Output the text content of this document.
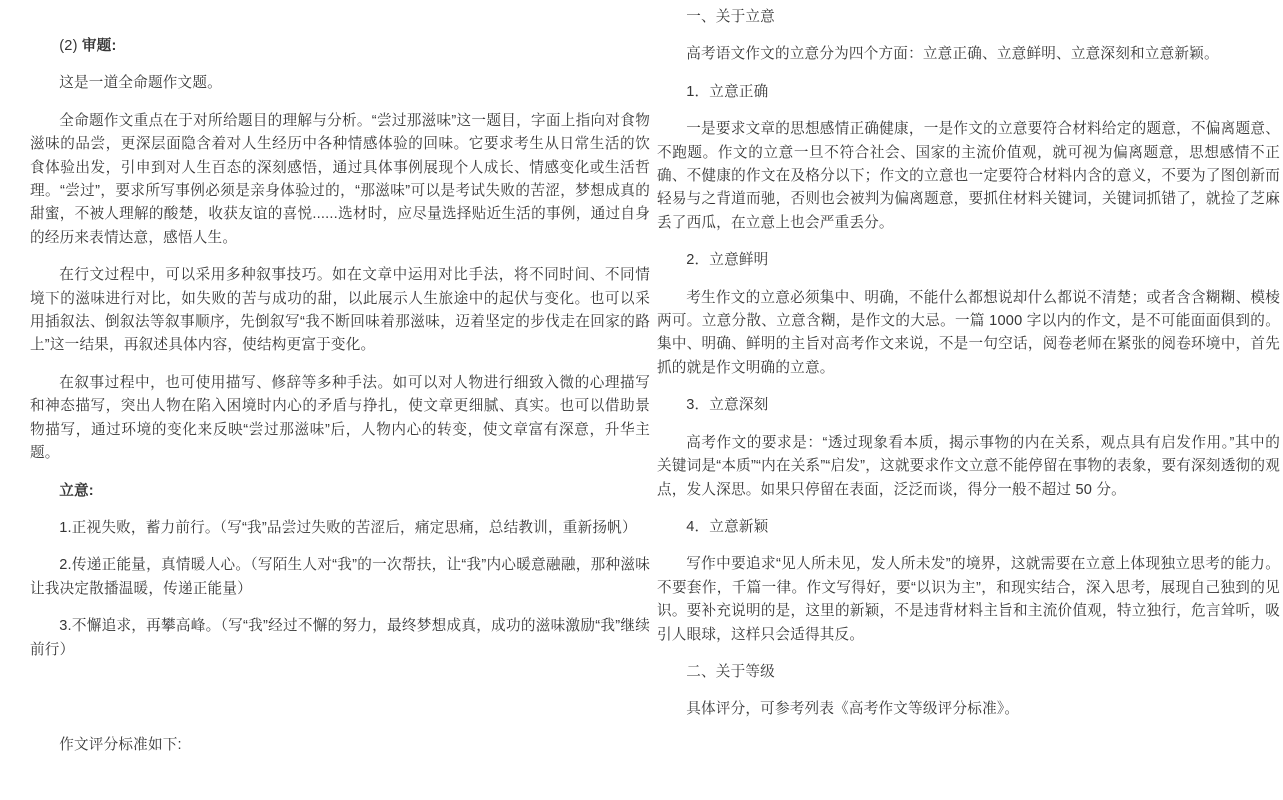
(2) 审题:

这是一道全命题作文题。

全命题作文重点在于对所给题目的理解与分析。“尝过那滋味”这一题目，字面上指向对食物滋味的品尝，更深层面隐含着对人生经历中各种情感体验的回味。它要求考生从日常生活的饮食体验出发，引申到对人生百态的深刻感悟，通过具体事例展现个人成长、情感变化或生活哲理。“尝过”，要求所写事例必须是亲身体验过的，“那滋味”可以是考试失败的苦涩，梦想成真的甜蜜，不被人理解的酸楚，收获友谊的喜悦......选材时，应尽量选择贴近生活的事例，通过自身的经历来表情达意，感悟人生。

在行文过程中，可以采用多种叙事技巧。如在文章中运用对比手法，将不同时间、不同情境下的滋味进行对比，如失败的苦与成功的甜，以此展示人生旅途中的起伏与变化。也可以采用插叙法、倒叙法等叙事顺序，先倒叙写“我不断回味着那滋味，迈着坚定的步伐走在回家的路上”这一结果，再叙述具体内容，使结构更富于变化。

在叙事过程中，也可使用描写、修辞等多种手法。如可以对人物进行细致入微的心理描写和神态描写，突出人物在陷入困境时内心的矛盾与挣扎，使文章更细腻、真实。也可以借助景物描写，通过环境的变化来反映“尝过那滋味”后，人物内心的转变，使文章富有深意，升华主题。

立意:

1.正视失败，蓄力前行。（写“我”品尝过失败的苦涩后，痛定思痛，总结教训，重新扬帆）

2.传递正能量，真情暖人心。（写陌生人对“我”的一次帮扶，让“我”内心暖意融融，那种滋味让我决定散播温暖，传递正能量）

3.不懈追求，再攀高峰。（写“我”经过不懈的努力，最终梦想成真，成功的滋味激励“我”继续前行）

作文评分标准如下:

一、关于立意

高考语文作文的立意分为四个方面：立意正确、立意鲜明、立意深刻和立意新颖。

1．立意正确

一是要求文章的思想感情正确健康，一是作文的立意要符合材料给定的题意，不偏离题意、不跑题。作文的立意一旦不符合社会、国家的主流价值观，就可视为偏离题意，思想感情不正确、不健康的作文在及格分以下；作文的立意也一定要符合材料内含的意义，不要为了图创新而轻易与之背道而驰，否则也会被判为偏离题意，要抓住材料关键词，关键词抓错了，就捡了芝麻丢了西瓜，在立意上也会严重丢分。

2．立意鲜明

考生作文的立意必须集中、明确，不能什么都想说却什么都说不清楚；或者含含糊糊、模棱两可。立意分散、立意含糊，是作文的大忌。一篇 1000 字以内的作文，是不可能面面俱到的。集中、明确、鲜明的主旨对高考作文来说，不是一句空话，阅卷老师在紧张的阅卷环境中，首先抓的就是作文明确的立意。

3．立意深刻

高考作文的要求是：“透过现象看本质，揭示事物的内在关系，观点具有启发作用。”其中的关键词是“本质”“内在关系”“启发”，这就要求作文立意不能停留在事物的表象，要有深刻透彻的观点，发人深思。如果只停留在表面，泛泛而谈，得分一般不超过 50 分。

4．立意新颖

写作中要追求“见人所未见，发人所未发”的境界，这就需要在立意上体现独立思考的能力。不要套作，千篇一律。作文写得好，要“以识为主”，和现实结合，深入思考，展现自己独到的见识。要补充说明的是，这里的新颖，不是违背材料主旨和主流价值观，特立独行，危言耸听，吸引人眼球，这样只会适得其反。

二、关于等级

具体评分，可参考列表《高考作文等级评分标准》。
